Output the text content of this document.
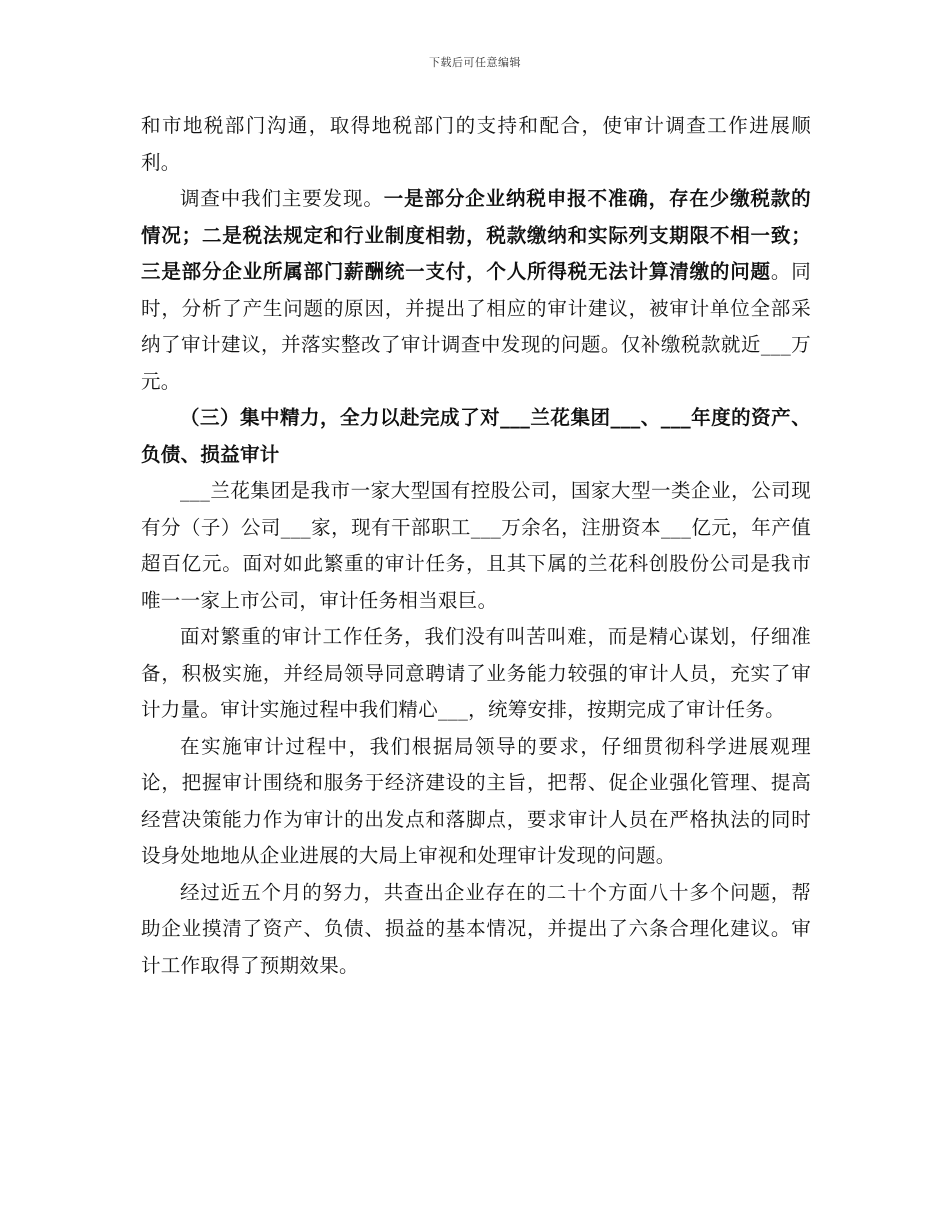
下载后可任意编辑

和市地税部门沟通，取得地税部门的支持和配合，使审计调查工作进展顺利。

调查中我们主要发现。一是部分企业纳税申报不准确，存在少缴税款的情况；二是税法规定和行业制度相勃，税款缴纳和实际列支期限不相一致；三是部分企业所属部门薪酬统一支付，个人所得税无法计算清缴的问题。同时，分析了产生问题的原因，并提出了相应的审计建议，被审计单位全部采纳了审计建议，并落实整改了审计调查中发现的问题。仅补缴税款就近___万元。

（三）集中精力，全力以赴完成了对___兰花集团___、___年度的资产、负债、损益审计

___兰花集团是我市一家大型国有控股公司，国家大型一类企业，公司现有分（子）公司___家，现有干部职工___万余名，注册资本___亿元，年产值超百亿元。面对如此繁重的审计任务，且其下属的兰花科创股份公司是我市唯一一家上市公司，审计任务相当艰巨。

面对繁重的审计工作任务，我们没有叫苦叫难，而是精心谋划，仔细准备，积极实施，并经局领导同意聘请了业务能力较强的审计人员，充实了审计力量。审计实施过程中我们精心___，统筹安排，按期完成了审计任务。

在实施审计过程中，我们根据局领导的要求，仔细贯彻科学进展观理论，把握审计围绕和服务于经济建设的主旨，把帮、促企业强化管理、提高经营决策能力作为审计的出发点和落脚点，要求审计人员在严格执法的同时设身处地地从企业进展的大局上审视和处理审计发现的问题。

经过近五个月的努力，共查出企业存在的二十个方面八十多个问题，帮助企业摸清了资产、负债、损益的基本情况，并提出了六条合理化建议。审计工作取得了预期效果。
